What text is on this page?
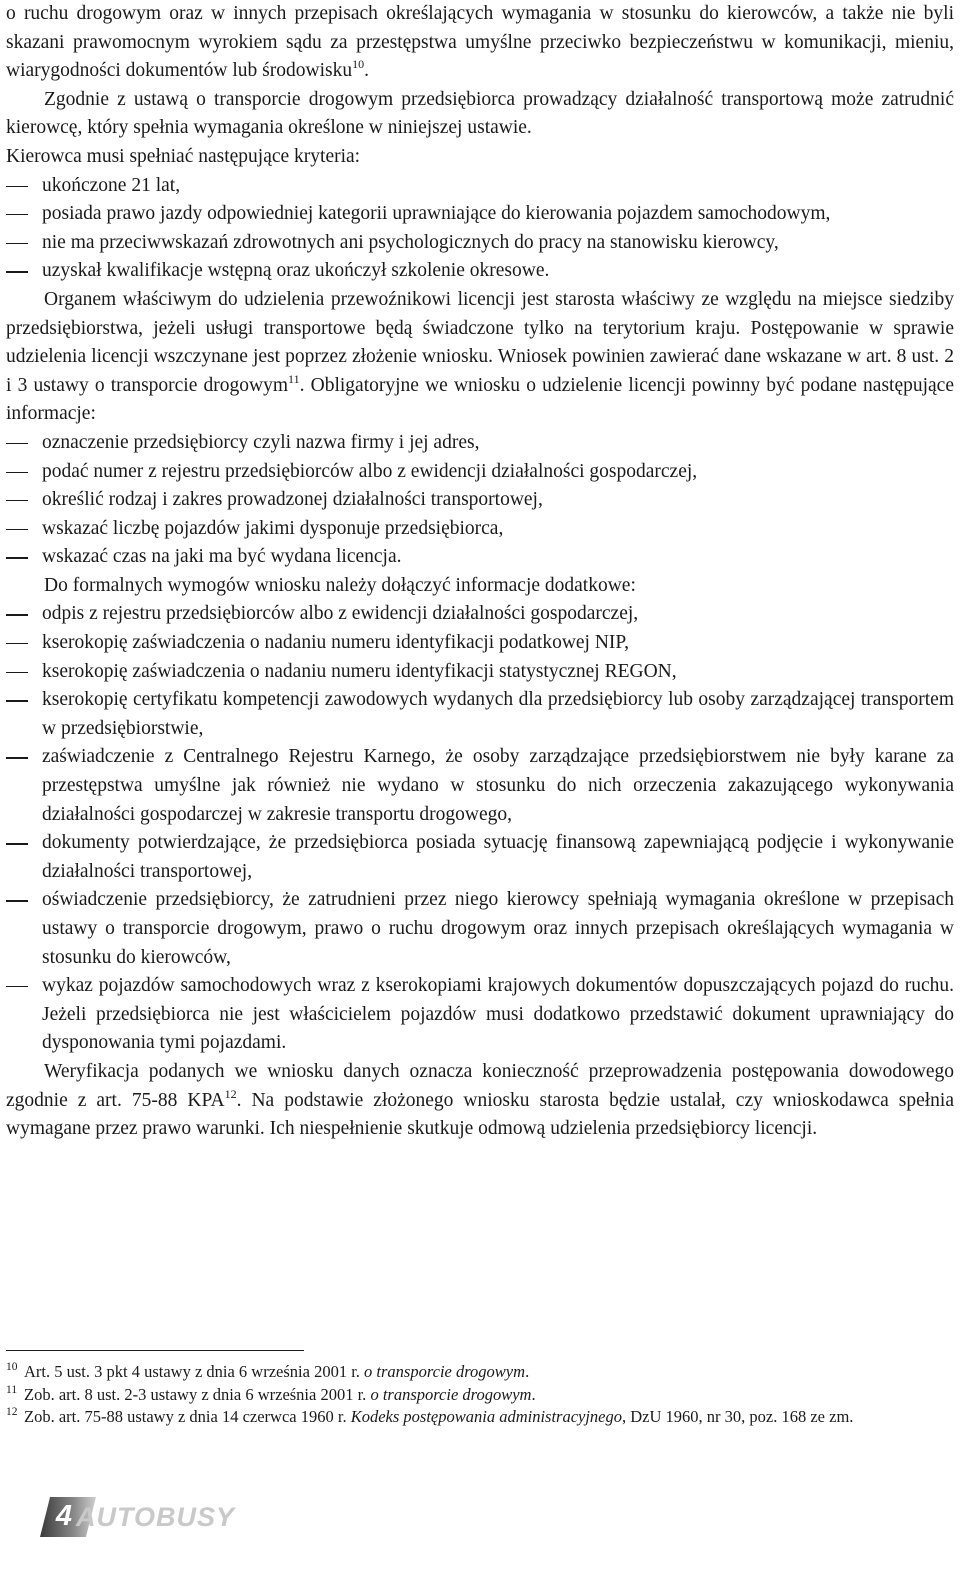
o ruchu drogowym oraz w innych przepisach określających wymagania w stosunku do kierowców, a także nie byli skazani prawomocnym wyrokiem sądu za przestępstwa umyślne przeciwko bezpieczeństwu w komunikacji, mieniu, wiarygodności dokumentów lub środowisku$^{10}$.

Zgodnie z ustawą o transporcie drogowym przedsiębiorca prowadzący działalność transportową może zatrudnić kierowcę, który spełnia wymagania określone w niniejszej ustawie.

Kierowca musi spełniać następujące kryteria:

ukończone 21 lat,
posiada prawo jazdy odpowiedniej kategorii uprawniające do kierowania pojazdem samochodowym,
nie ma przeciwwskazań zdrowotnych ani psychologicznych do pracy na stanowisku kierowcy,
uzyskał kwalifikacje wstępną oraz ukończył szkolenie okresowe.

Organem właściwym do udzielenia przewoźnikowi licencji jest starosta właściwy ze względu na miejsce siedziby przedsiębiorstwa, jeżeli usługi transportowe będą świadczone tylko na terytorium kraju. Postępowanie w sprawie udzielenia licencji wszczynane jest poprzez złożenie wniosku. Wniosek powinien zawierać dane wskazane w art. 8 ust. 2 i 3 ustawy o transporcie drogowym$^{11}$. Obligatoryjne we wniosku o udzielenie licencji powinny być podane następujące informacje:

oznaczenie przedsiębiorcy czyli nazwa firmy i jej adres,
podać numer z rejestru przedsiębiorców albo z ewidencji działalności gospodarczej,
określić rodzaj i zakres prowadzonej działalności transportowej,
wskazać liczbę pojazdów jakimi dysponuje przedsiębiorca,
wskazać czas na jaki ma być wydana licencja.

Do formalnych wymogów wniosku należy dołączyć informacje dodatkowe:

odpis z rejestru przedsiębiorców albo z ewidencji działalności gospodarczej,
kserokopię zaświadczenia o nadaniu numeru identyfikacji podatkowej NIP,
kserokopię zaświadczenia o nadaniu numeru identyfikacji statystycznej REGON,
kserokopię certyfikatu kompetencji zawodowych wydanych dla przedsiębiorcy lub osoby zarządzającej transportem w przedsiębiorstwie,
zaświadczenie z Centralnego Rejestru Karnego, że osoby zarządzające przedsiębiorstwem nie były karane za przestępstwa umyślne jak również nie wydano w stosunku do nich orzeczenia zakazującego wykonywania działalności gospodarczej w zakresie transportu drogowego,
dokumenty potwierdzające, że przedsiębiorca posiada sytuację finansową zapewniającą podjęcie i wykonywanie działalności transportowej,
oświadczenie przedsiębiorcy, że zatrudnieni przez niego kierowcy spełniają wymagania określone w przepisach ustawy o transporcie drogowym, prawo o ruchu drogowym oraz innych przepisach określających wymagania w stosunku do kierowców,
wykaz pojazdów samochodowych wraz z kserokopiami krajowych dokumentów dopuszczających pojazd do ruchu. Jeżeli przedsiębiorca nie jest właścicielem pojazdów musi dodatkowo przedstawić dokument uprawniający do dysponowania tymi pojazdami.

Weryfikacja podanych we wniosku danych oznacza konieczność przeprowadzenia postępowania dowodowego zgodnie z art. 75-88 KPA$^{12}$. Na podstawie złożonego wniosku starosta będzie ustalał, czy wnioskodawca spełnia wymagane przez prawo warunki. Ich niespełnienie skutkuje odmową udzielenia przedsiębiorcy licencji.

10 Art. 5 ust. 3 pkt 4 ustawy z dnia 6 września 2001 r. o transporcie drogowym.

11 Zob. art. 8 ust. 2-3 ustawy z dnia 6 września 2001 r. o transporcie drogowym.

12 Zob. art. 75-88 ustawy z dnia 14 czerwca 1960 r. Kodeks postępowania administracyjnego, DzU 1960, nr 30, poz. 168 ze zm.

4 AUTOBUSY
